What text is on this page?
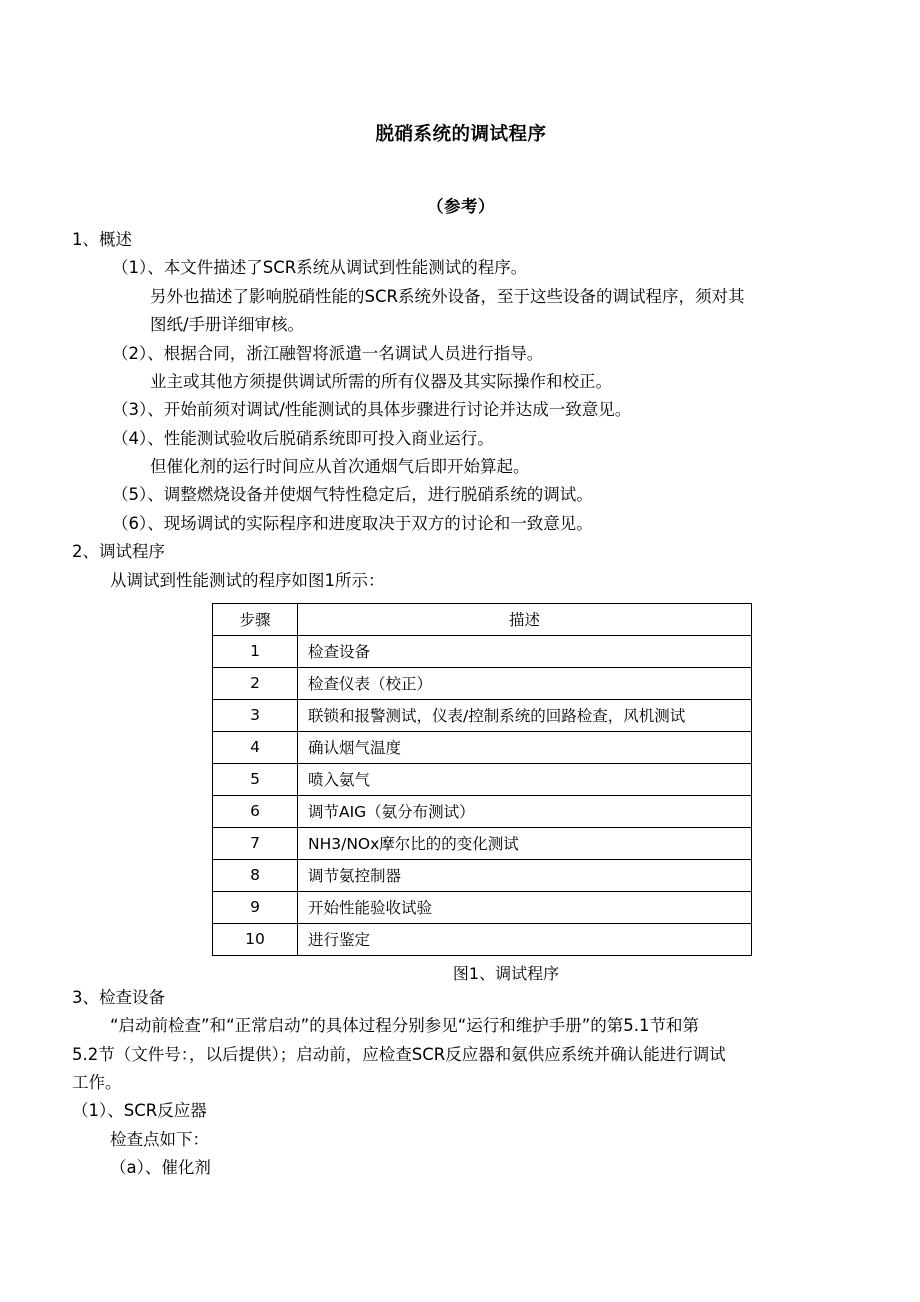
脱硝系统的调试程序
（参考）
1、概述
（1）、本文件描述了SCR系统从调试到性能测试的程序。
另外也描述了影响脱硝性能的SCR系统外设备，至于这些设备的调试程序，须对其
图纸/手册详细审核。
（2）、根据合同，浙江融智将派遣一名调试人员进行指导。
业主或其他方须提供调试所需的所有仪器及其实际操作和校正。
（3）、开始前须对调试/性能测试的具体步骤进行讨论并达成一致意见。
（4）、性能测试验收后脱硝系统即可投入商业运行。
但催化剂的运行时间应从首次通烟气后即开始算起。
（5）、调整燃烧设备并使烟气特性稳定后，进行脱硝系统的调试。
（6）、现场调试的实际程序和进度取决于双方的讨论和一致意见。
2、调试程序
从调试到性能测试的程序如图1所示：
步骤	描述
1	检查设备
2	检查仪表（校正）
3	联锁和报警测试，仪表/控制系统的回路检查，风机测试
4	确认烟气温度
5	喷入氨气
6	调节AIG（氨分布测试）
7	NH3/NOx摩尔比的的变化测试
8	调节氨控制器
9	开始性能验收试验
10	进行鉴定
图1、调试程序
3、检查设备
“启动前检查”和“正常启动”的具体过程分别参见“运行和维护手册”的第5.1节和第
5.2节（文件号：，以后提供）；启动前，应检查SCR反应器和氨供应系统并确认能进行调试
工作。
（1）、SCR反应器
检查点如下：
（a）、催化剂
